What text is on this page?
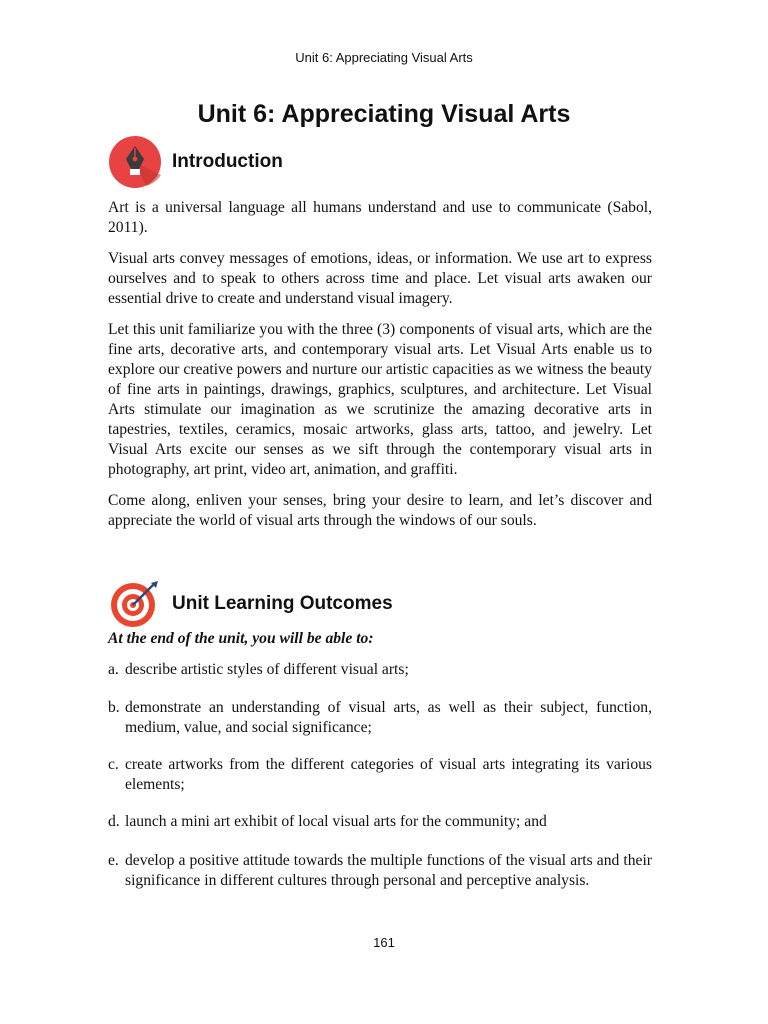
Unit 6: Appreciating Visual Arts
Unit 6: Appreciating Visual Arts
Introduction

Art is a universal language all humans understand and use to communicate (Sabol, 2011).

Visual arts convey messages of emotions, ideas, or information. We use art to express ourselves and to speak to others across time and place. Let visual arts awaken our essential drive to create and understand visual imagery.

Let this unit familiarize you with the three (3) components of visual arts, which are the fine arts, decorative arts, and contemporary visual arts. Let Visual Arts enable us to explore our creative powers and nurture our artistic capacities as we witness the beauty of fine arts in paintings, drawings, graphics, sculptures, and architecture. Let Visual Arts stimulate our imagination as we scrutinize the amazing decorative arts in tapestries, textiles, ceramics, mosaic artworks, glass arts, tattoo, and jewelry. Let Visual Arts excite our senses as we sift through the contemporary visual arts in photography, art print, video art, animation, and graffiti.

Come along, enliven your senses, bring your desire to learn, and let’s discover and appreciate the world of visual arts through the windows of our souls.

Unit Learning Outcomes
At the end of the unit, you will be able to:
a. describe artistic styles of different visual arts;
b. demonstrate an understanding of visual arts, as well as their subject, function, medium, value, and social significance;
c. create artworks from the different categories of visual arts integrating its various elements;
d. launch a mini art exhibit of local visual arts for the community; and
e. develop a positive attitude towards the multiple functions of the visual arts and their significance in different cultures through personal and perceptive analysis.
161
